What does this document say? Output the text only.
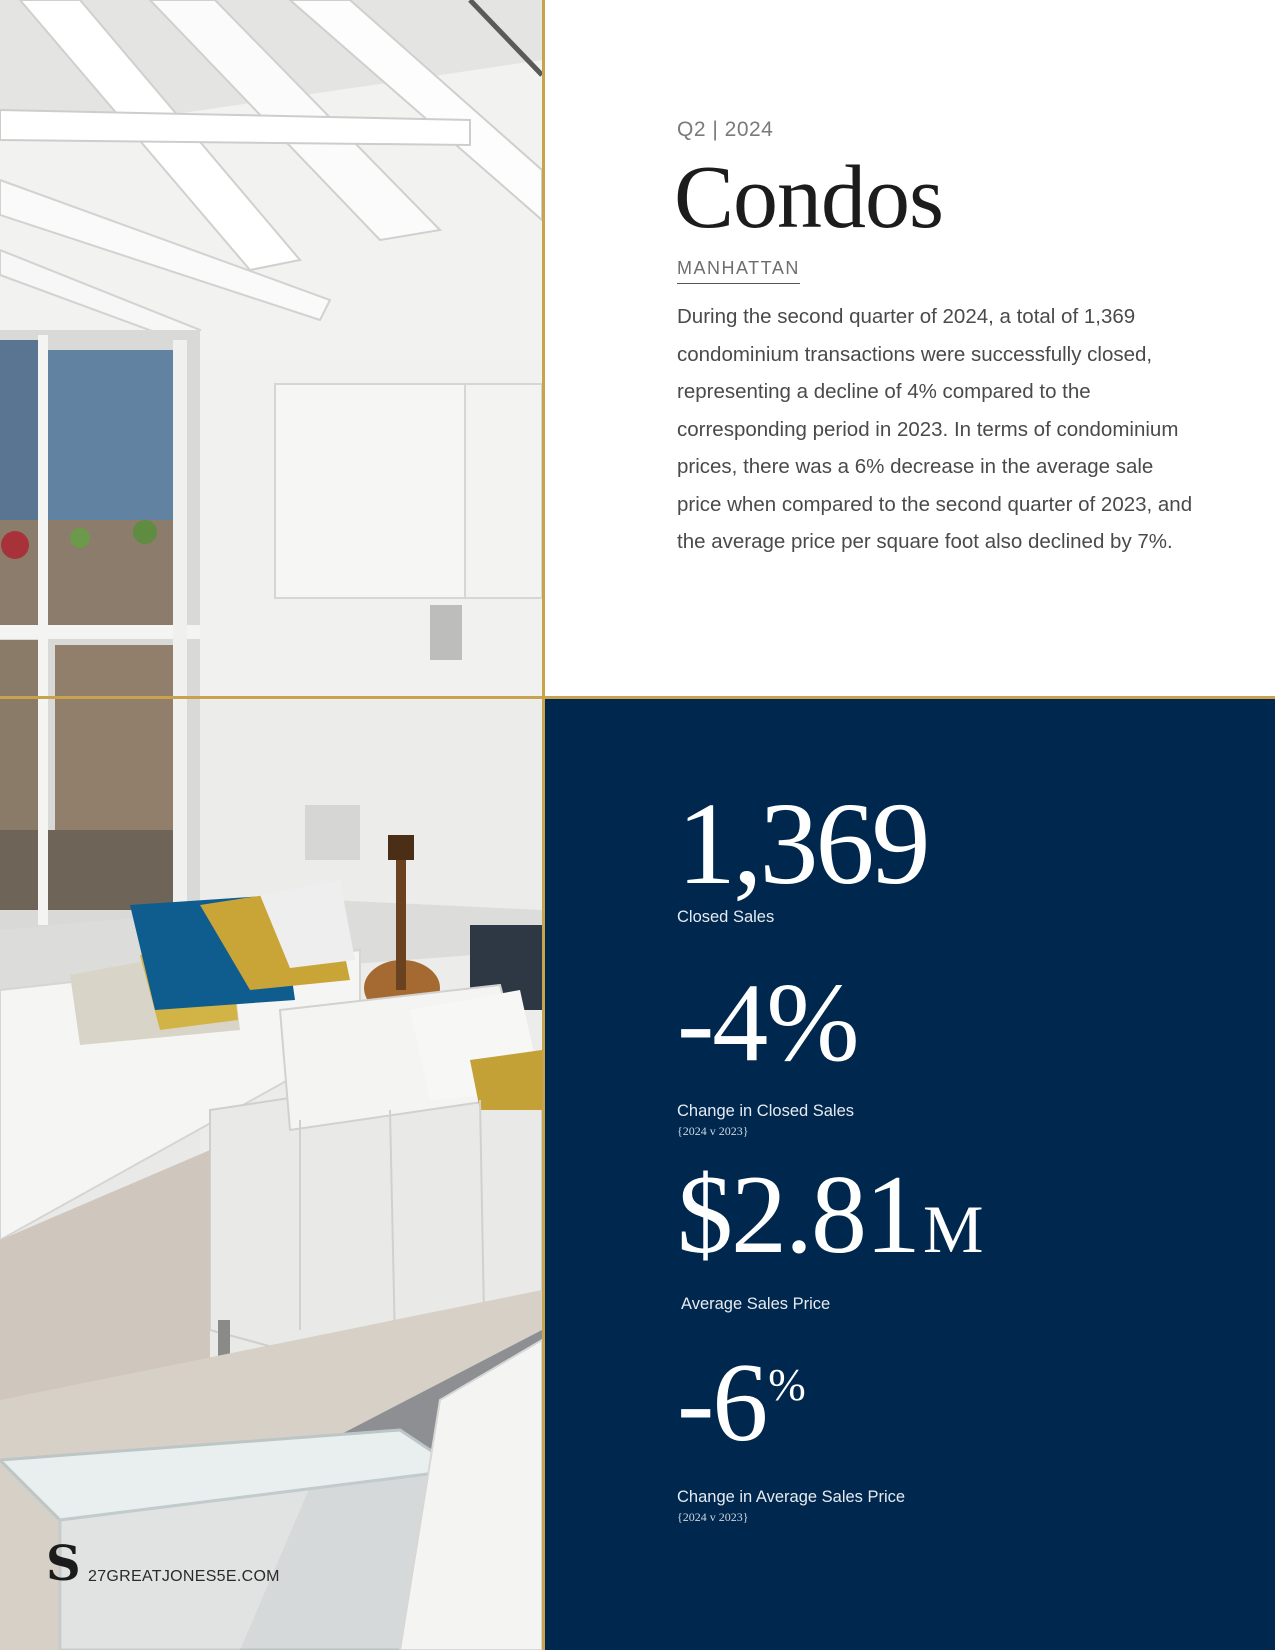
S 27GREATJONES5E.COM
Q2 | 2024
Condos
MANHATTAN

During the second quarter of 2024, a total of 1,369 condominium transactions were successfully closed, representing a decline of 4% compared to the corresponding period in 2023. In terms of condominium prices, there was a 6% decrease in the average sale price when compared to the second quarter of 2023, and the average price per square foot also declined by 7%.

1,369
Closed Sales
-4%
Change in Closed Sales
{2024 v 2023}
$2.81M
Average Sales Price
-6%
Change in Average Sales Price
{2024 v 2023}
